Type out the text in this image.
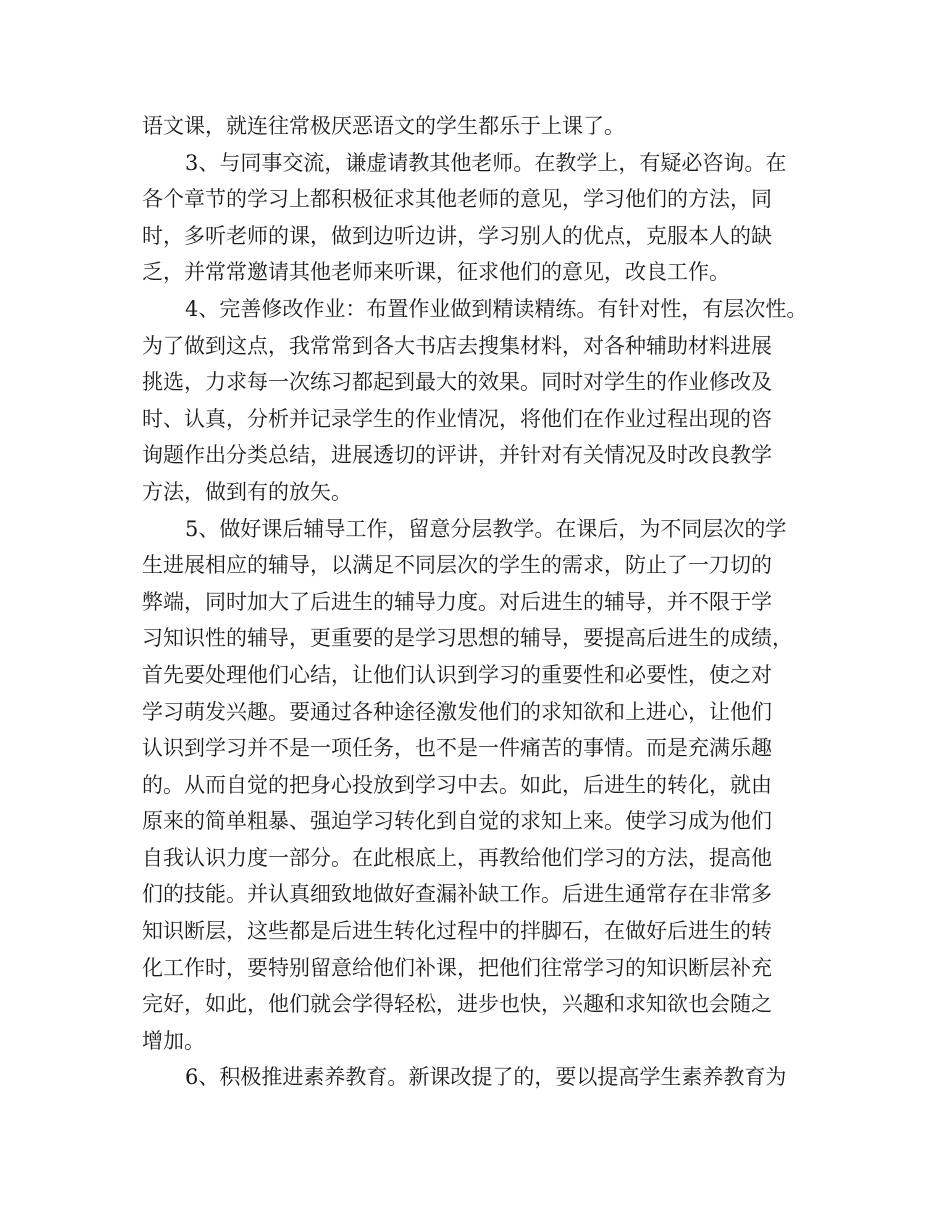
语文课，就连往常极厌恶语文的学生都乐于上课了。
3、与同事交流，谦虚请教其他老师。在教学上，有疑必咨询。在
各个章节的学习上都积极征求其他老师的意见，学习他们的方法，同
时，多听老师的课，做到边听边讲，学习别人的优点，克服本人的缺
乏，并常常邀请其他老师来听课，征求他们的意见，改良工作。
4、完善修改作业：布置作业做到精读精练。有针对性，有层次性。
为了做到这点，我常常到各大书店去搜集材料，对各种辅助材料进展
挑选，力求每一次练习都起到最大的效果。同时对学生的作业修改及
时、认真，分析并记录学生的作业情况，将他们在作业过程出现的咨
询题作出分类总结，进展透切的评讲，并针对有关情况及时改良教学
方法，做到有的放矢。
5、做好课后辅导工作，留意分层教学。在课后，为不同层次的学
生进展相应的辅导，以满足不同层次的学生的需求，防止了一刀切的
弊端，同时加大了后进生的辅导力度。对后进生的辅导，并不限于学
习知识性的辅导，更重要的是学习思想的辅导，要提高后进生的成绩，
首先要处理他们心结，让他们认识到学习的重要性和必要性，使之对
学习萌发兴趣。要通过各种途径激发他们的求知欲和上进心，让他们
认识到学习并不是一项任务，也不是一件痛苦的事情。而是充满乐趣
的。从而自觉的把身心投放到学习中去。如此，后进生的转化，就由
原来的简单粗暴、强迫学习转化到自觉的求知上来。使学习成为他们
自我认识力度一部分。在此根底上，再教给他们学习的方法，提高他
们的技能。并认真细致地做好查漏补缺工作。后进生通常存在非常多
知识断层，这些都是后进生转化过程中的拌脚石，在做好后进生的转
化工作时，要特别留意给他们补课，把他们往常学习的知识断层补充
完好，如此，他们就会学得轻松，进步也快，兴趣和求知欲也会随之
增加。
6、积极推进素养教育。新课改提了的，要以提高学生素养教育为
